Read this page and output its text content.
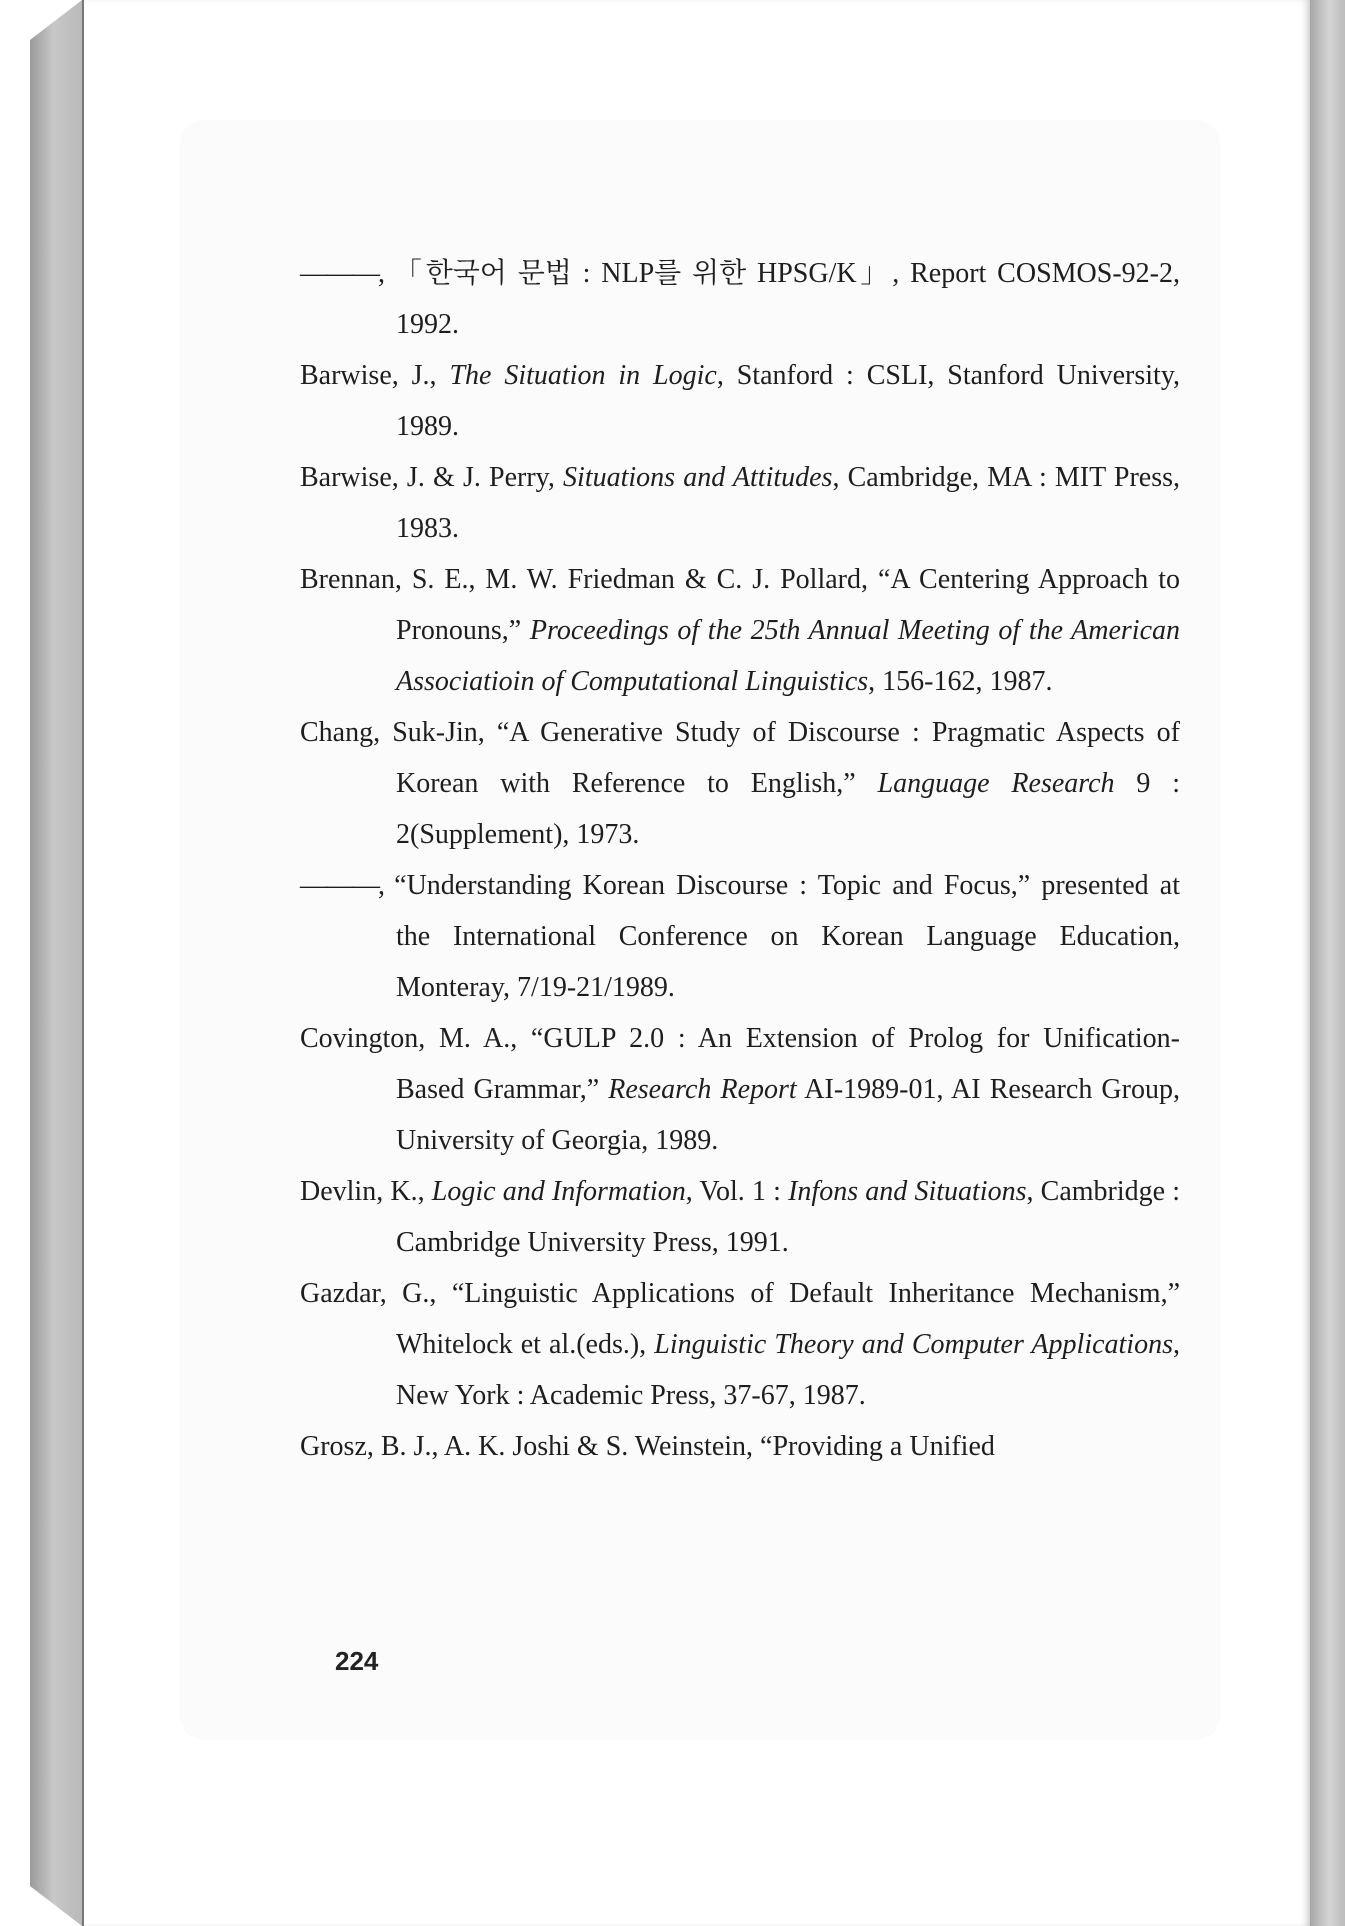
———, 「한국어 문법 : NLP를 위한 HPSG/K」, Report COSMOS-92-2, 1992.

Barwise, J., The Situation in Logic, Stanford : CSLI, Stanford University, 1989.

Barwise, J. & J. Perry, Situations and Attitudes, Cambridge, MA : MIT Press, 1983.

Brennan, S. E., M. W. Friedman & C. J. Pollard, “A Centering Approach to Pronouns,” Proceedings of the 25th Annual Meeting of the American Associatioin of Computational Linguistics, 156-162, 1987.

Chang, Suk-Jin, “A Generative Study of Discourse : Pragmatic Aspects of Korean with Reference to English,” Language Research 9 : 2(Supplement), 1973.

———, “Understanding Korean Discourse : Topic and Focus,” presented at the International Conference on Korean Language Education, Monteray, 7/19-21/1989.

Covington, M. A., “GULP 2.0 : An Extension of Prolog for Unification- Based Grammar,” Research Report AI-1989-01, AI Research Group, University of Georgia, 1989.

Devlin, K., Logic and Information, Vol. 1 : Infons and Situations, Cambridge : Cambridge University Press, 1991.

Gazdar, G., “Linguistic Applications of Default Inheritance Mechanism,” Whitelock et al.(eds.), Linguistic Theory and Computer Applications, New York : Academic Press, 37-67, 1987.

Grosz, B. J., A. K. Joshi & S. Weinstein, “Providing a Unified

224
